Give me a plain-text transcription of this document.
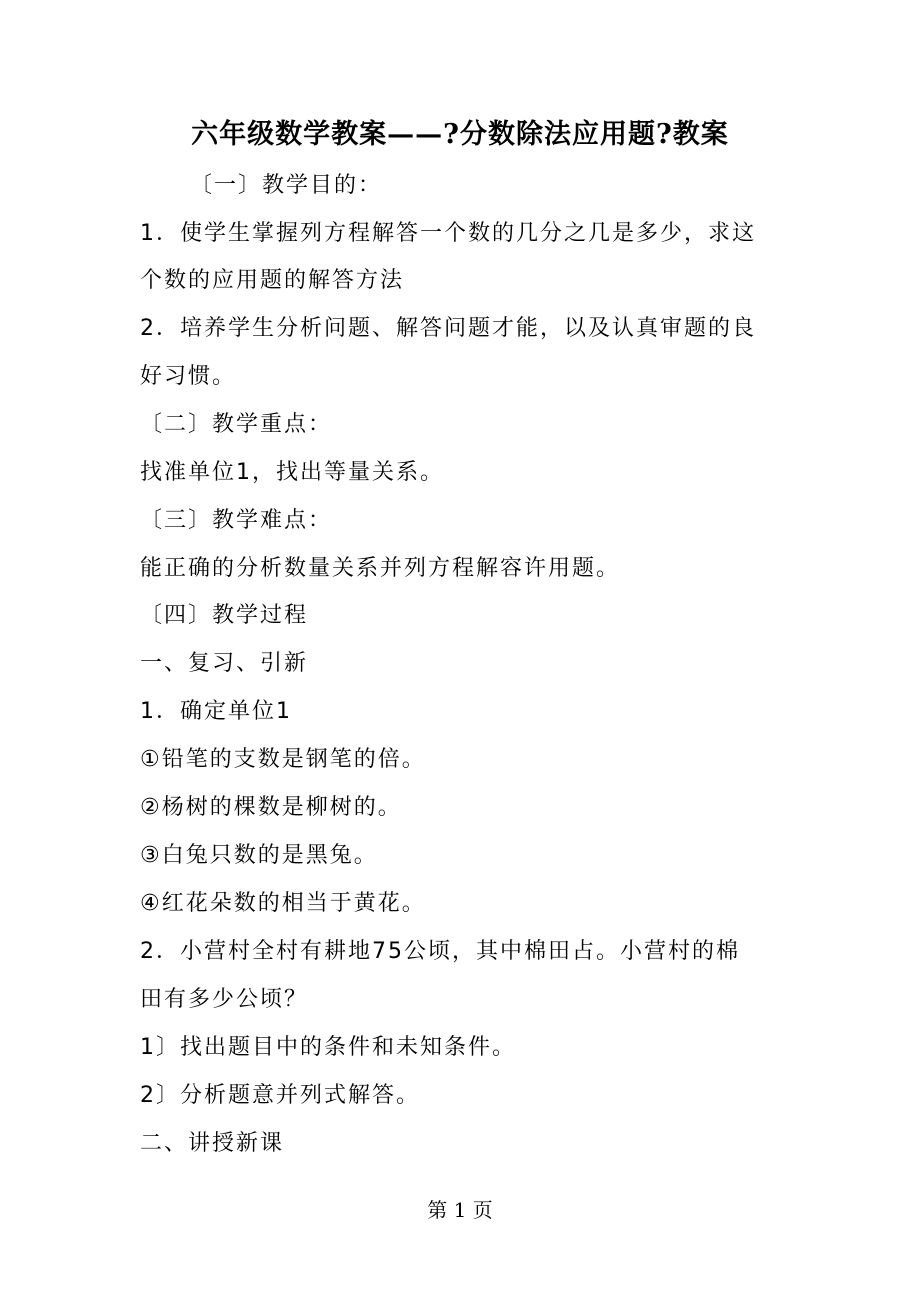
六年级数学教案——?分数除法应用题?教案
〔一〕教学目的：
1．使学生掌握列方程解答一个数的几分之几是多少，求这
个数的应用题的解答方法
2．培养学生分析问题、解答问题才能，以及认真审题的良
好习惯。
〔二〕教学重点：
找准单位1，找出等量关系。
〔三〕教学难点：
能正确的分析数量关系并列方程解容许用题。
〔四〕教学过程
一、复习、引新
1．确定单位1
①铅笔的支数是钢笔的倍。
②杨树的棵数是柳树的。
③白兔只数的是黑兔。
④红花朵数的相当于黄花。
2．小营村全村有耕地75公顷，其中棉田占。小营村的棉
田有多少公顷？
1〕找出题目中的条件和未知条件。
2〕分析题意并列式解答。
二、讲授新课
第 1 页
